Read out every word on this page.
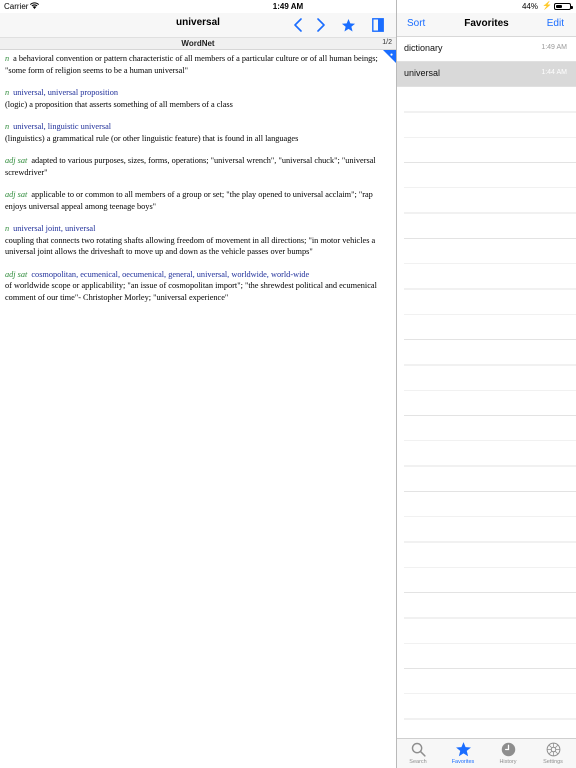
Carrier	1:49 AM	44% ⚡
universal
WordNet	1/2
●
n a behavioral convention or pattern characteristic of all members of a particular culture or of all human beings; "some form of religion seems to be a human universal"
n universal, universal proposition
(logic) a proposition that asserts something of all members of a class
n universal, linguistic universal
(linguistics) a grammatical rule (or other linguistic feature) that is found in all languages
adj sat adapted to various purposes, sizes, forms, operations; "universal wrench", "universal chuck"; "universal screwdriver"
adj sat applicable to or common to all members of a group or set; "the play opened to universal acclaim"; "rap enjoys universal appeal among teenage boys"
n universal joint, universal
coupling that connects two rotating shafts allowing freedom of movement in all directions; "in motor vehicles a universal joint allows the driveshaft to move up and down as the vehicle passes over bumps"
adj sat cosmopolitan, ecumenical, oecumenical, general, universal, worldwide, world-wide
of worldwide scope or applicability; "an issue of cosmopolitan import"; "the shrewdest political and ecumenical comment of our time"- Christopher Morley; "universal experience"
Sort	Favorites	Edit
dictionary	1:49 AM
universal	1:44 AM
Search	Favorites	History	Settings
